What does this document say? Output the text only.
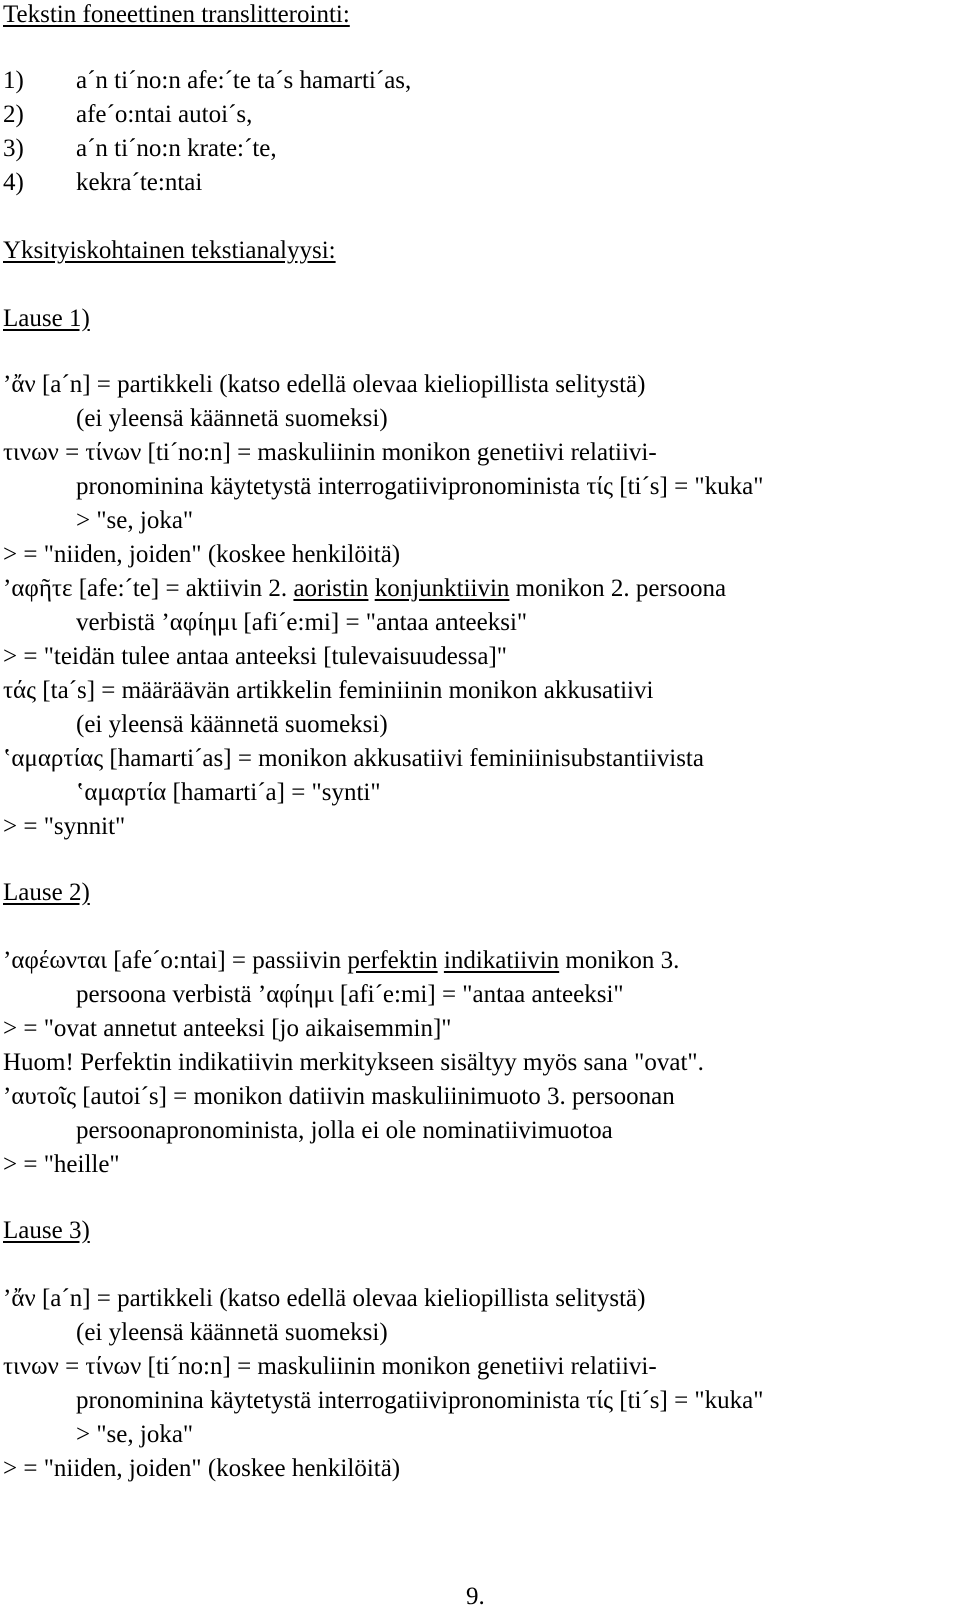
Tekstin foneettinen translitterointi:
1) a´n ti´no:n afe:´te ta´s hamarti´as,
2) afe´o:ntai autoi´s,
3) a´n ti´no:n krate:´te,
4) kekra´te:ntai
Yksityiskohtainen tekstianalyysi:
Lause 1)
’ἄν [a´n] = partikkeli (katso edellä olevaa kieliopillista selitystä)
(ei yleensä käännetä suomeksi)
τινων = τίνων [ti´no:n] = maskuliinin monikon genetiivi relatiivi-
pronominina käytetystä interrogatiivipronominista τίς [ti´s] = "kuka"
> "se, joka"
> = "niiden, joiden" (koskee henkilöitä)
’αφῆτε [afe:´te] = aktiivin 2. aoristin konjunktiivin monikon 2. persoona
verbistä ’αφίημι [afi´e:mi] = "antaa anteeksi"
> = "teidän tulee antaa anteeksi [tulevaisuudessa]"
τάς [ta´s] = määräävän artikkelin feminiinin monikon akkusatiivi
(ei yleensä käännetä suomeksi)
ʽαμαρτίας [hamarti´as] = monikon akkusatiivi feminiinisubstantiivista
ʽαμαρτία [hamarti´a] = "synti"
> = "synnit"
Lause 2)
’αφέωνται [afe´o:ntai] = passiivin perfektin indikatiivin monikon 3.
persoona verbistä ’αφίημι [afi´e:mi] = "antaa anteeksi"
> = "ovat annetut anteeksi [jo aikaisemmin]"
Huom! Perfektin indikatiivin merkitykseen sisältyy myös sana "ovat".
’αυτοῖς [autoi´s] = monikon datiivin maskuliinimuoto 3. persoonan
persoonapronominista, jolla ei ole nominatiivimuotoa
> = "heille"
Lause 3)
’ἄν [a´n] = partikkeli (katso edellä olevaa kieliopillista selitystä)
(ei yleensä käännetä suomeksi)
τινων = τίνων [ti´no:n] = maskuliinin monikon genetiivi relatiivi-
pronominina käytetystä interrogatiivipronominista τίς [ti´s] = "kuka"
> "se, joka"
> = "niiden, joiden" (koskee henkilöitä)
9.
